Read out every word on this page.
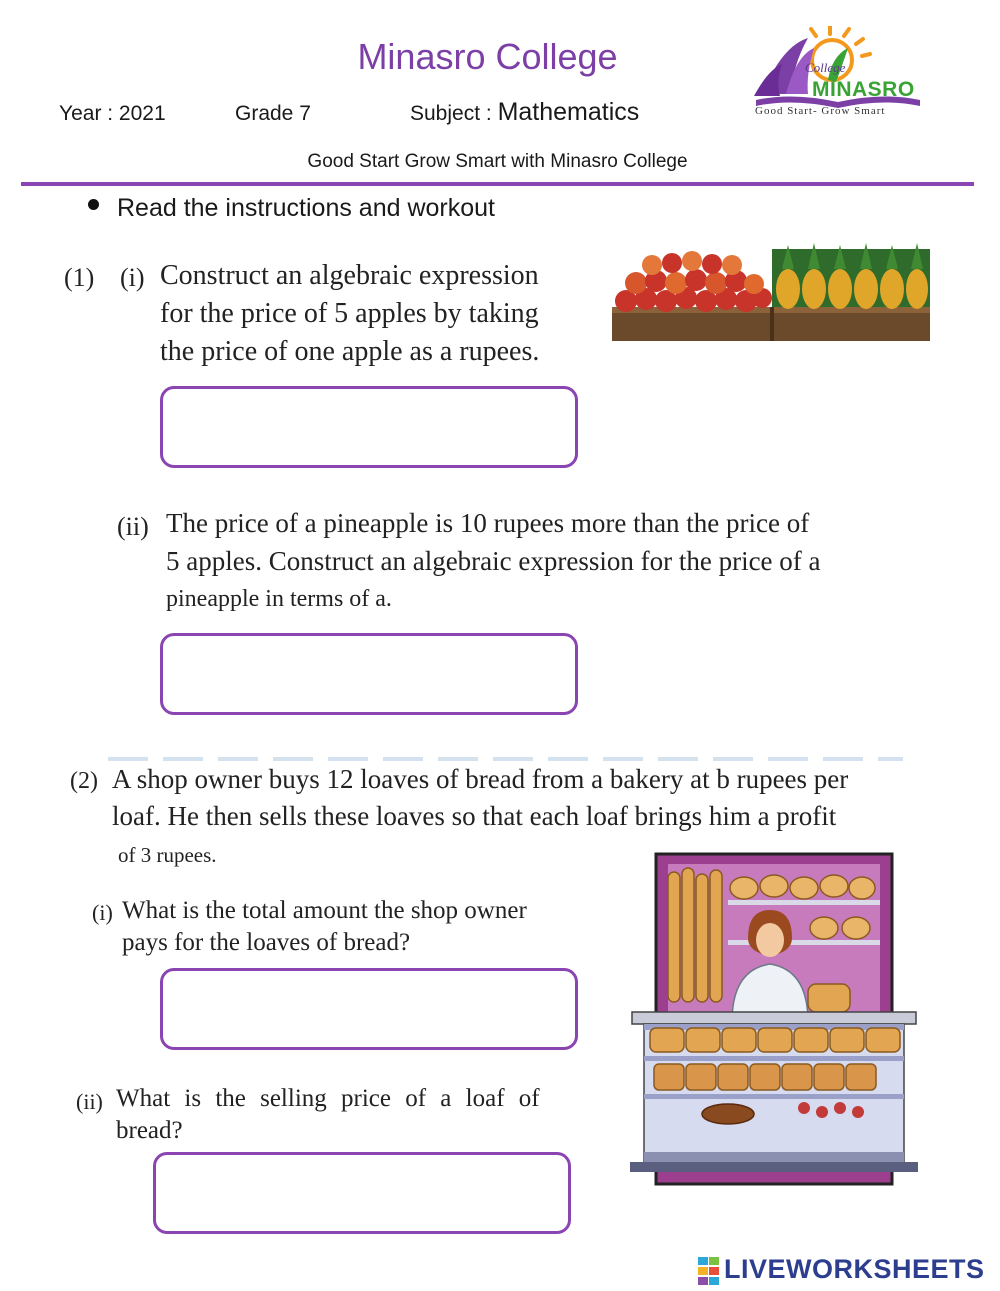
Minasro College
Year : 2021	Grade 7	Subject : Mathematics
Good Start Grow Smart with Minasro College
College
MINASRO
Good Start- Grow Smart
Read the instructions and workout
(1) (i) Construct an algebraic expression
for the price of 5 apples by taking
the price of one apple as a rupees.
(ii) The price of a pineapple is 10 rupees more than the price of
5 apples. Construct an algebraic expression for the price of a
pineapple in terms of a.
(2) A shop owner buys 12 loaves of bread from a bakery at b rupees per
loaf. He then sells these loaves so that each loaf brings him a profit
of 3 rupees.
(i) What is the total amount the shop owner
pays for the loaves of bread?
(ii) What is the selling price of a loaf of
bread?
LIVEWORKSHEETS
